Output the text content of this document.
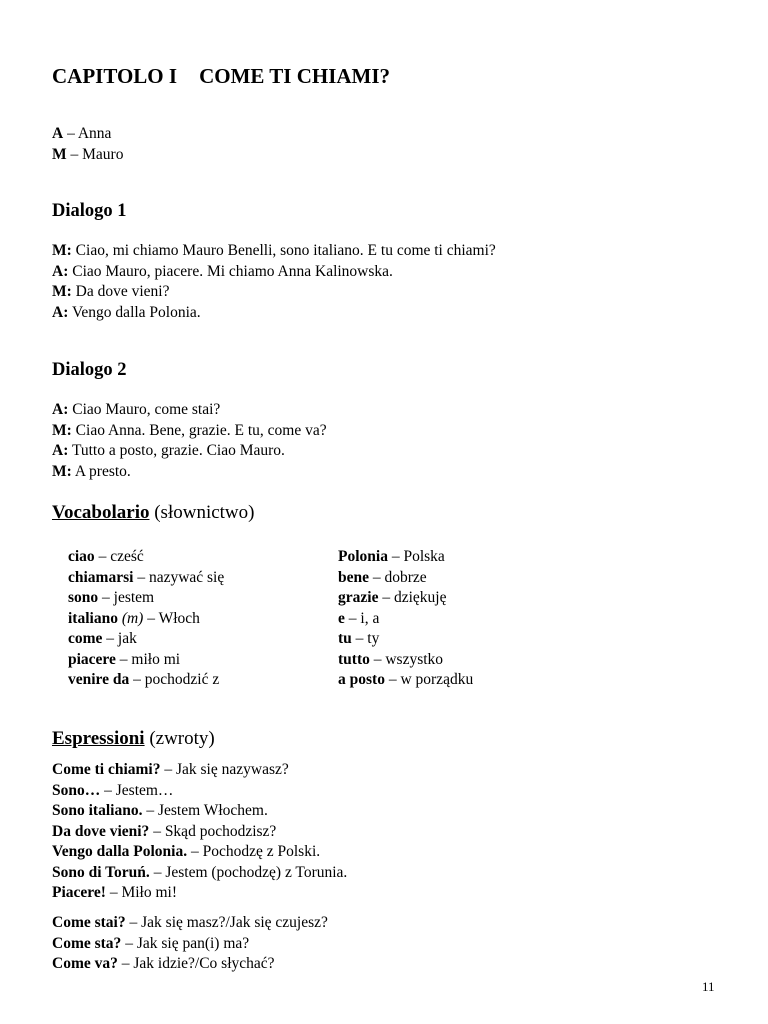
CAPITOLO I COME TI CHIAMI?
A – Anna
M – Mauro
Dialogo 1
M: Ciao, mi chiamo Mauro Benelli, sono italiano. E tu come ti chiami?
A: Ciao Mauro, piacere. Mi chiamo Anna Kalinowska.
M: Da dove vieni?
A: Vengo dalla Polonia.
Dialogo 2
A: Ciao Mauro, come stai?
M: Ciao Anna. Bene, grazie. E tu, come va?
A: Tutto a posto, grazie. Ciao Mauro.
M: A presto.
Vocabolario (słownictwo)
ciao – cześć
chiamarsi – nazywać się
sono – jestem
italiano (m) – Włoch
come – jak
piacere – miło mi
venire da – pochodzić z
Polonia – Polska
bene – dobrze
grazie – dziękuję
e – i, a
tu – ty
tutto – wszystko
a posto – w porządku
Espressioni (zwroty)
Come ti chiami? – Jak się nazywasz?
Sono… – Jestem…
Sono italiano. – Jestem Włochem.
Da dove vieni? – Skąd pochodzisz?
Vengo dalla Polonia. – Pochodzę z Polski.
Sono di Toruń. – Jestem (pochodzę) z Torunia.
Piacere! – Miło mi!
Come stai? – Jak się masz?/Jak się czujesz?
Come sta? – Jak się pan(i) ma?
Come va? – Jak idzie?/Co słychać?
11
